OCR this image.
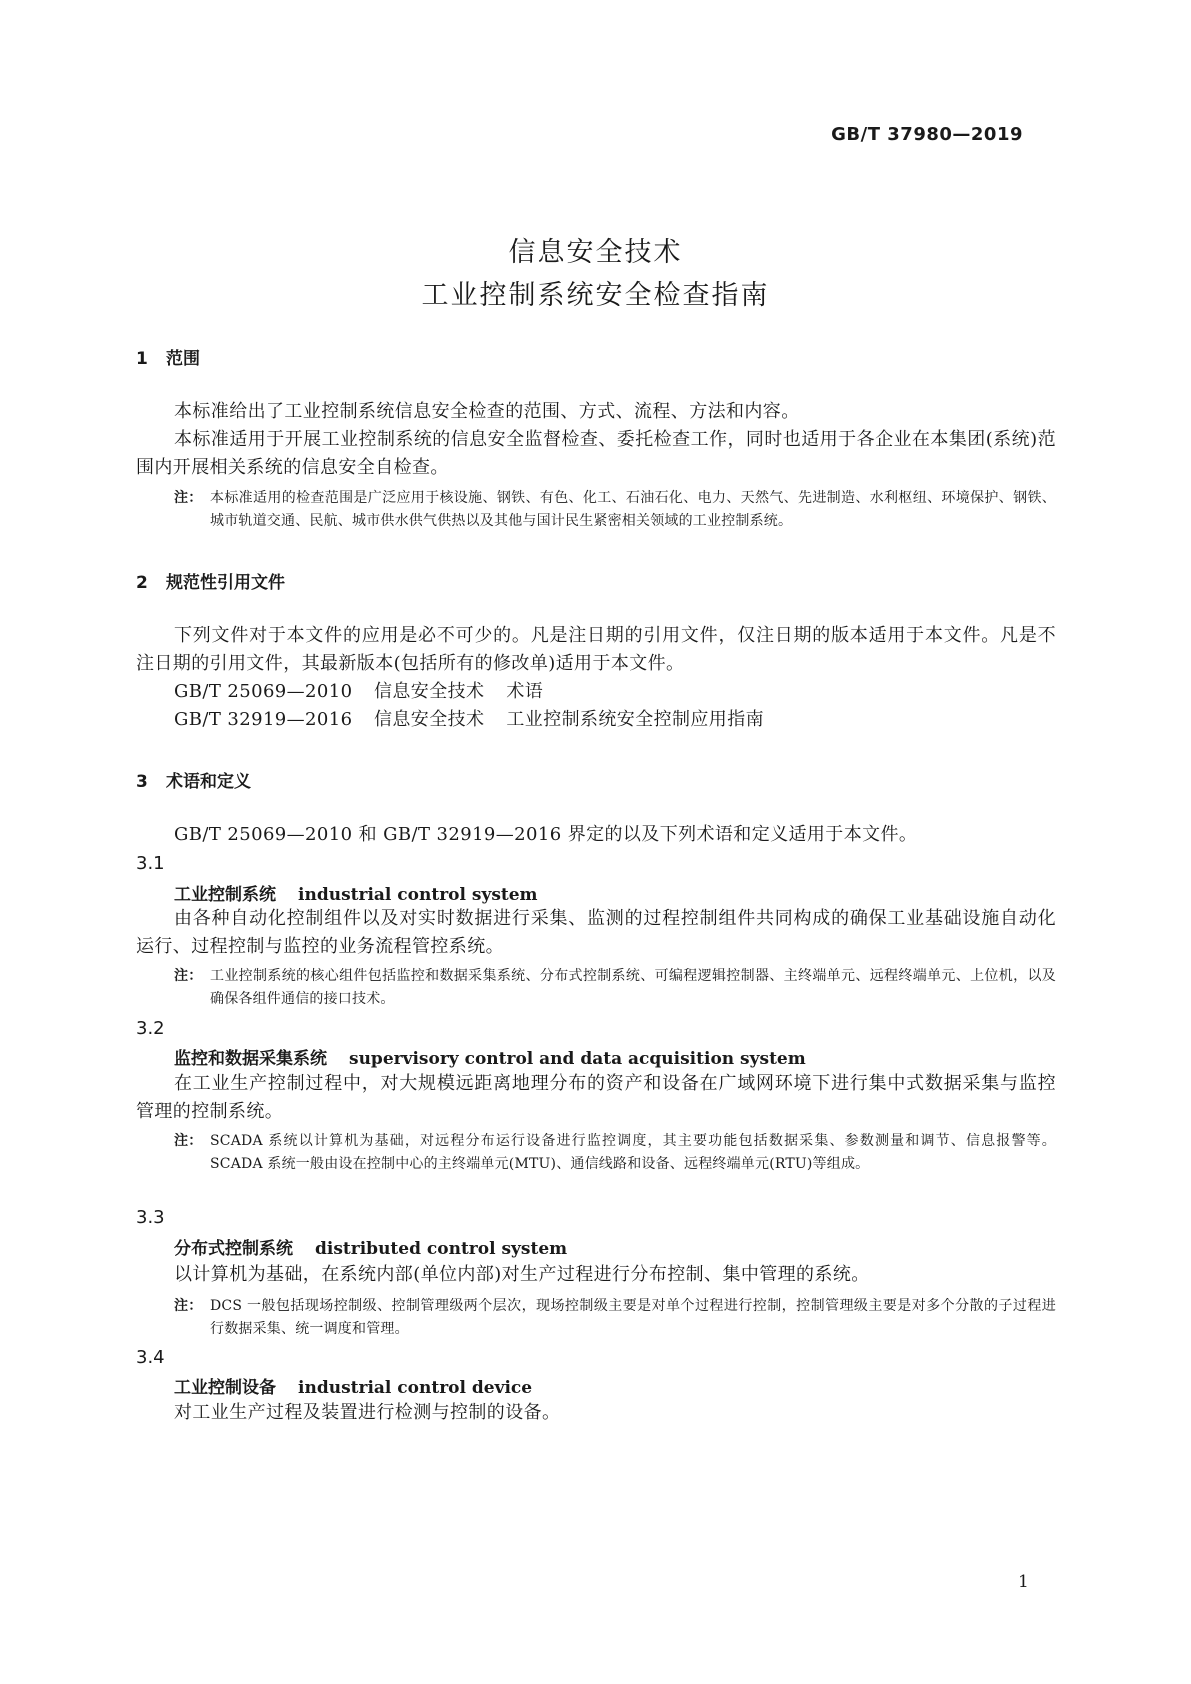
GB/T 37980—2019
信息安全技术
工业控制系统安全检查指南
1 范围
本标准给出了工业控制系统信息安全检查的范围、方式、流程、方法和内容。
本标准适用于开展工业控制系统的信息安全监督检查、委托检查工作，同时也适用于各企业在本集团(系统)范围内开展相关系统的信息安全自检查。
注： 本标准适用的检查范围是广泛应用于核设施、钢铁、有色、化工、石油石化、电力、天然气、先进制造、水利枢纽、环境保护、钢铁、城市轨道交通、民航、城市供水供气供热以及其他与国计民生紧密相关领域的工业控制系统。
2 规范性引用文件
下列文件对于本文件的应用是必不可少的。凡是注日期的引用文件，仅注日期的版本适用于本文件。凡是不注日期的引用文件，其最新版本(包括所有的修改单)适用于本文件。
GB/T 25069—2010 信息安全技术 术语
GB/T 32919—2016 信息安全技术 工业控制系统安全控制应用指南
3 术语和定义
GB/T 25069—2010 和 GB/T 32919—2016 界定的以及下列术语和定义适用于本文件。
3.1
工业控制系统 industrial control system
由各种自动化控制组件以及对实时数据进行采集、监测的过程控制组件共同构成的确保工业基础设施自动化运行、过程控制与监控的业务流程管控系统。
注： 工业控制系统的核心组件包括监控和数据采集系统、分布式控制系统、可编程逻辑控制器、主终端单元、远程终端单元、上位机，以及确保各组件通信的接口技术。
3.2
监控和数据采集系统 supervisory control and data acquisition system
在工业生产控制过程中，对大规模远距离地理分布的资产和设备在广域网环境下进行集中式数据采集与监控管理的控制系统。
注： SCADA 系统以计算机为基础，对远程分布运行设备进行监控调度，其主要功能包括数据采集、参数测量和调节、信息报警等。SCADA 系统一般由设在控制中心的主终端单元(MTU)、通信线路和设备、远程终端单元(RTU)等组成。
3.3
分布式控制系统 distributed control system
以计算机为基础，在系统内部(单位内部)对生产过程进行分布控制、集中管理的系统。
注： DCS 一般包括现场控制级、控制管理级两个层次，现场控制级主要是对单个过程进行控制，控制管理级主要是对多个分散的子过程进行数据采集、统一调度和管理。
3.4
工业控制设备 industrial control device
对工业生产过程及装置进行检测与控制的设备。
1
